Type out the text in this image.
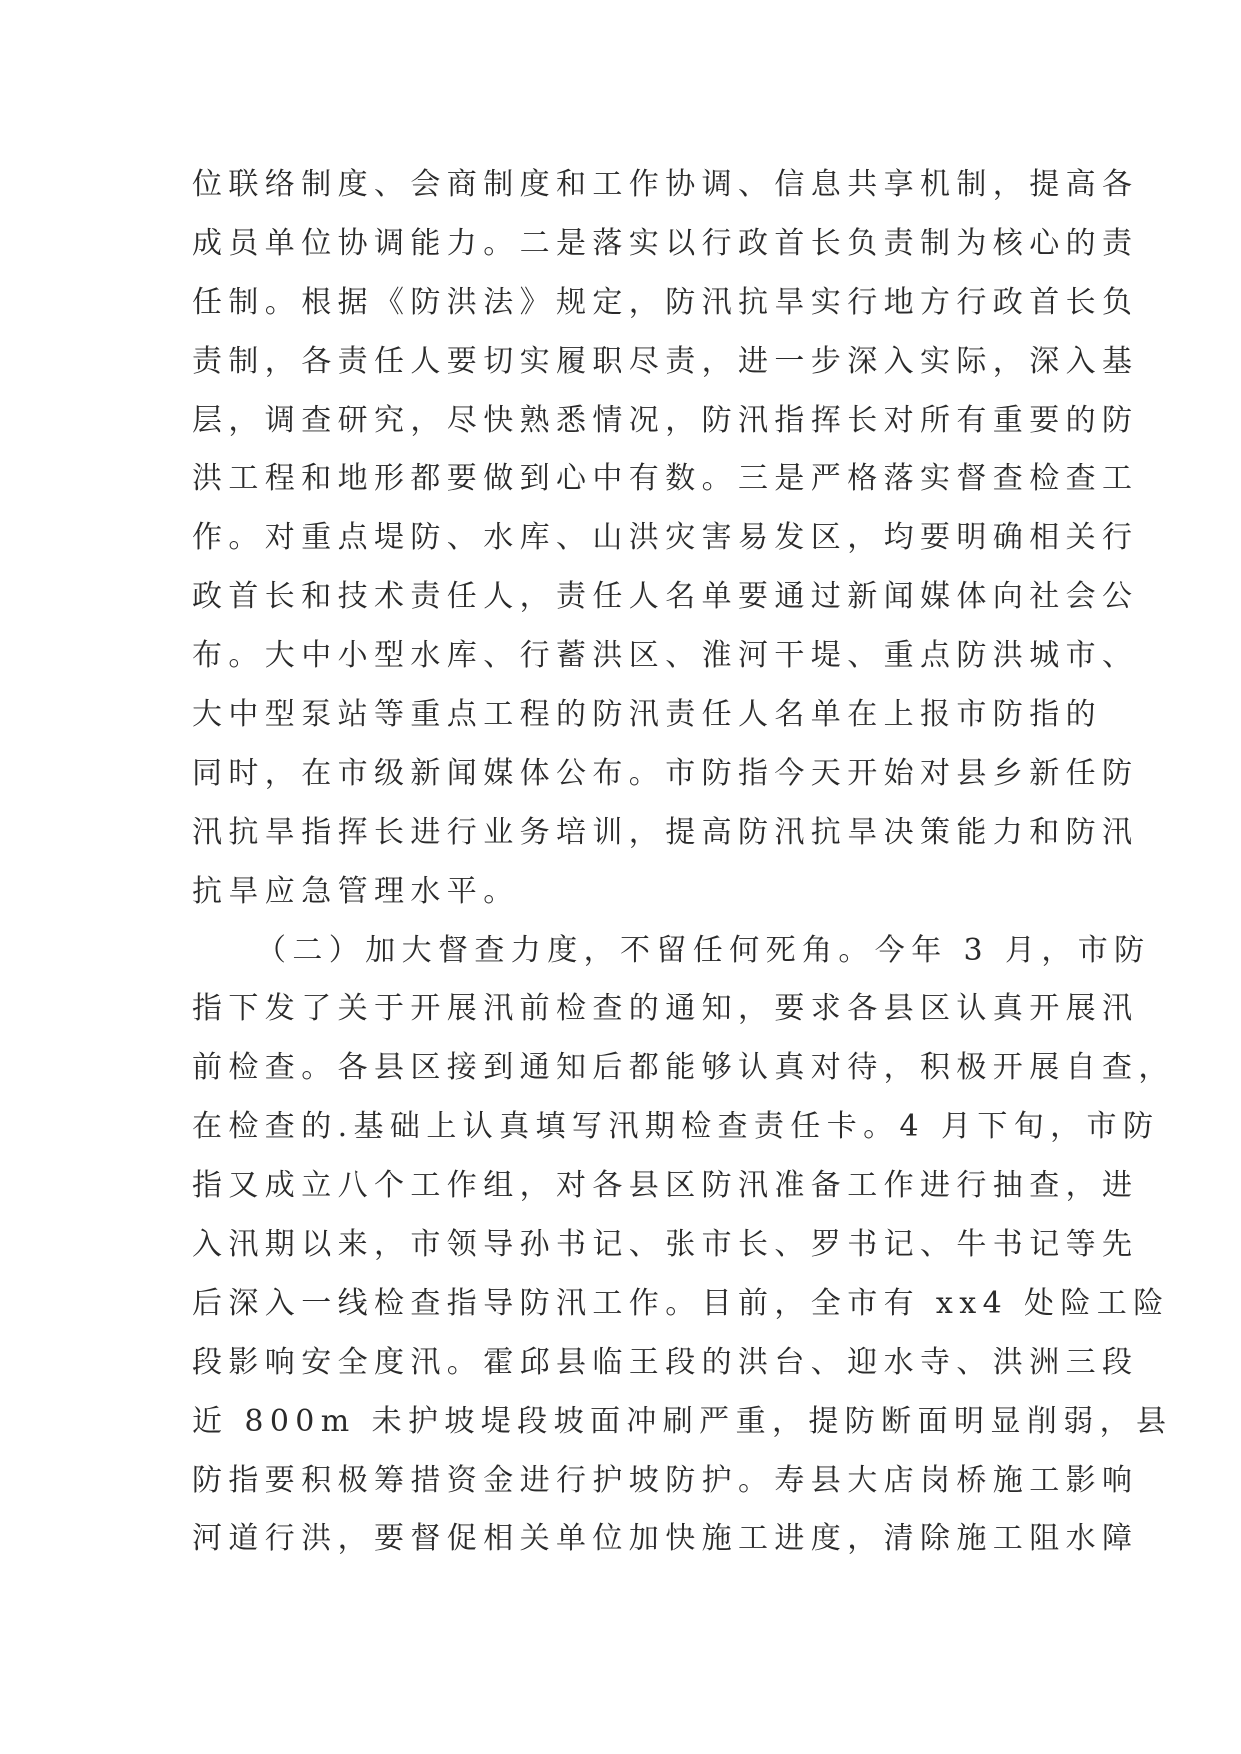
位联络制度、会商制度和工作协调、信息共享机制，提高各
成员单位协调能力。二是落实以行政首长负责制为核心的责
任制。根据《防洪法》规定，防汛抗旱实行地方行政首长负
责制，各责任人要切实履职尽责，进一步深入实际，深入基
层，调查研究，尽快熟悉情况，防汛指挥长对所有重要的防
洪工程和地形都要做到心中有数。三是严格落实督查检查工
作。对重点堤防、水库、山洪灾害易发区，均要明确相关行
政首长和技术责任人，责任人名单要通过新闻媒体向社会公
布。大中小型水库、行蓄洪区、淮河干堤、重点防洪城市、
大中型泵站等重点工程的防汛责任人名单在上报市防指的
同时，在市级新闻媒体公布。市防指今天开始对县乡新任防
汛抗旱指挥长进行业务培训，提高防汛抗旱决策能力和防汛
抗旱应急管理水平。
（二）加大督查力度，不留任何死角。今年 3 月，市防
指下发了关于开展汛前检查的通知，要求各县区认真开展汛
前检查。各县区接到通知后都能够认真对待，积极开展自查，
在检查的.基础上认真填写汛期检查责任卡。4 月下旬，市防
指又成立八个工作组，对各县区防汛准备工作进行抽查，进
入汛期以来，市领导孙书记、张市长、罗书记、牛书记等先
后深入一线检查指导防汛工作。目前，全市有 xx4 处险工险
段影响安全度汛。霍邱县临王段的洪台、迎水寺、洪洲三段
近 800m 未护坡堤段坡面冲刷严重，提防断面明显削弱，县
防指要积极筹措资金进行护坡防护。寿县大店岗桥施工影响
河道行洪，要督促相关单位加快施工进度，清除施工阻水障
